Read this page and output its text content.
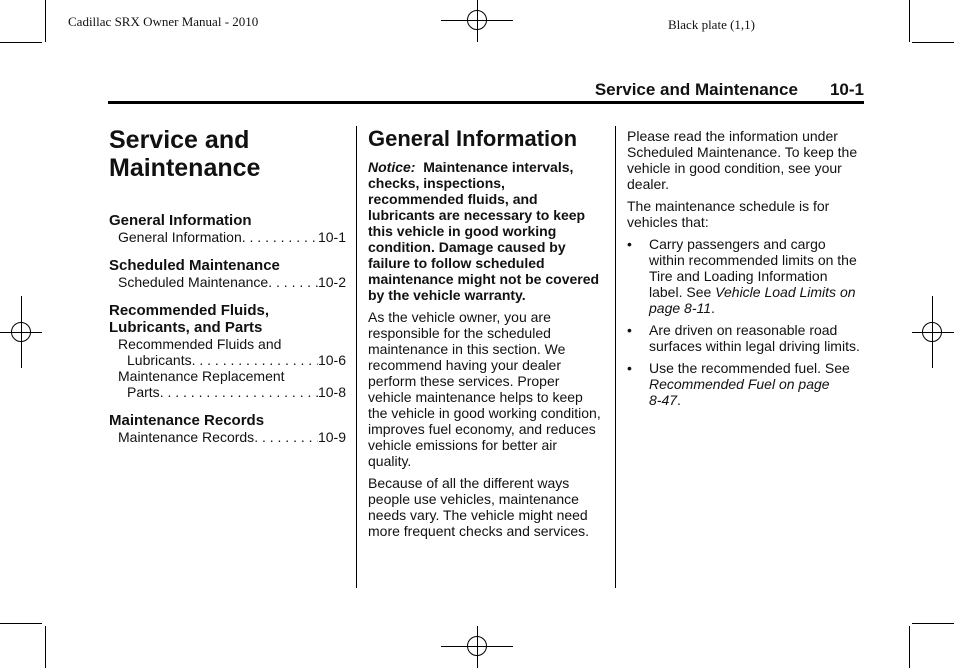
Cadillac SRX Owner Manual - 2010	Black plate (1,1)
Service and Maintenance 10-1
Service and
Maintenance
General Information
General Information . . .	10-1
Scheduled Maintenance
Scheduled Maintenance . . .	10-2
Recommended Fluids,
Lubricants, and Parts
Recommended Fluids and
Lubricants . . .	10-6
Maintenance Replacement
Parts . . .	10-8
Maintenance Records
Maintenance Records . . .	10-9
General Information

Notice: Maintenance intervals, checks, inspections, recommended fluids, and lubricants are necessary to keep this vehicle in good working condition. Damage caused by failure to follow scheduled maintenance might not be covered by the vehicle warranty.

As the vehicle owner, you are responsible for the scheduled maintenance in this section. We recommend having your dealer perform these services. Proper vehicle maintenance helps to keep the vehicle in good working condition, improves fuel economy, and reduces vehicle emissions for better air quality.

Because of all the different ways people use vehicles, maintenance needs vary. The vehicle might need more frequent checks and services.

Please read the information under Scheduled Maintenance. To keep the vehicle in good condition, see your dealer.

The maintenance schedule is for vehicles that:

• Carry passengers and cargo within recommended limits on the Tire and Loading Information label. See Vehicle Load Limits on page 8‑11.
• Are driven on reasonable road surfaces within legal driving limits.
• Use the recommended fuel. See Recommended Fuel on page 8‑47.
